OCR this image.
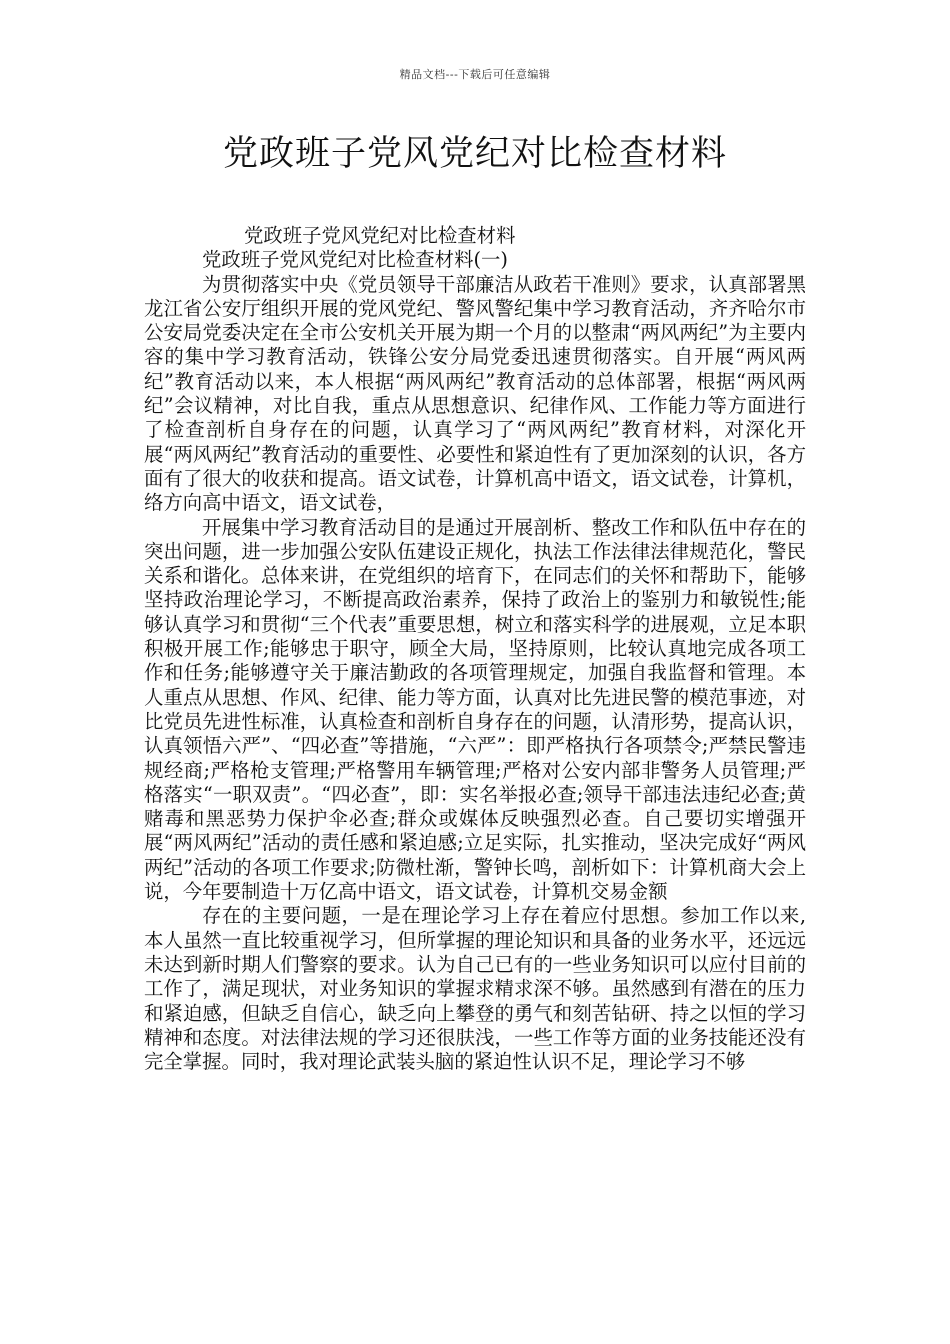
精品文档---下载后可任意编辑
党政班子党风党纪对比检查材料

党政班子党风党纪对比检查材料

党政班子党风党纪对比检查材料(一)

为贯彻落实中央《党员领导干部廉洁从政若干准则》要求，认真部署黑龙江省公安厅组织开展的党风党纪、警风警纪集中学习教育活动，齐齐哈尔市公安局党委决定在全市公安机关开展为期一个月的以整肃“两风两纪”为主要内容的集中学习教育活动，铁锋公安分局党委迅速贯彻落实。自开展“两风两纪”教育活动以来，本人根据“两风两纪”教育活动的总体部署，根据“两风两纪”会议精神，对比自我，重点从思想意识、纪律作风、工作能力等方面进行了检查剖析自身存在的问题，认真学习了“两风两纪”教育材料，对深化开展“两风两纪”教育活动的重要性、必要性和紧迫性有了更加深刻的认识，各方面有了很大的收获和提高。语文试卷，计算机高中语文，语文试卷，计算机，络方向高中语文，语文试卷，

开展集中学习教育活动目的是通过开展剖析、整改工作和队伍中存在的突出问题，进一步加强公安队伍建设正规化，执法工作法律法律规范化，警民关系和谐化。总体来讲，在党组织的培育下，在同志们的关怀和帮助下，能够坚持政治理论学习，不断提高政治素养，保持了政治上的鉴别力和敏锐性;能够认真学习和贯彻“三个代表”重要思想，树立和落实科学的进展观，立足本职积极开展工作;能够忠于职守，顾全大局，坚持原则，比较认真地完成各项工作和任务;能够遵守关于廉洁勤政的各项管理规定，加强自我监督和管理。本人重点从思想、作风、纪律、能力等方面，认真对比先进民警的模范事迹，对比党员先进性标准，认真检查和剖析自身存在的问题，认清形势，提高认识，认真领悟六严”、“四必查”等措施，“六严”：即严格执行各项禁令;严禁民警违规经商;严格枪支管理;严格警用车辆管理;严格对公安内部非警务人员管理;严格落实“一职双责”。“四必查”，即：实名举报必查;领导干部违法违纪必查;黄赌毒和黑恶势力保护伞必查;群众或媒体反映强烈必查。自己要切实增强开展“两风两纪”活动的责任感和紧迫感;立足实际，扎实推动，坚决完成好“两风两纪”活动的各项工作要求;防微杜渐，警钟长鸣，剖析如下：计算机商大会上说，今年要制造十万亿高中语文，语文试卷，计算机交易金额

存在的主要问题，一是在理论学习上存在着应付思想。参加工作以来,本人虽然一直比较重视学习，但所掌握的理论知识和具备的业务水平，还远远未达到新时期人们警察的要求。认为自己已有的一些业务知识可以应付目前的工作了，满足现状，对业务知识的掌握求精求深不够。虽然感到有潜在的压力和紧迫感，但缺乏自信心，缺乏向上攀登的勇气和刻苦钻研、持之以恒的学习精神和态度。对法律法规的学习还很肤浅，一些工作等方面的业务技能还没有完全掌握。同时，我对理论武装头脑的紧迫性认识不足，理论学习不够
